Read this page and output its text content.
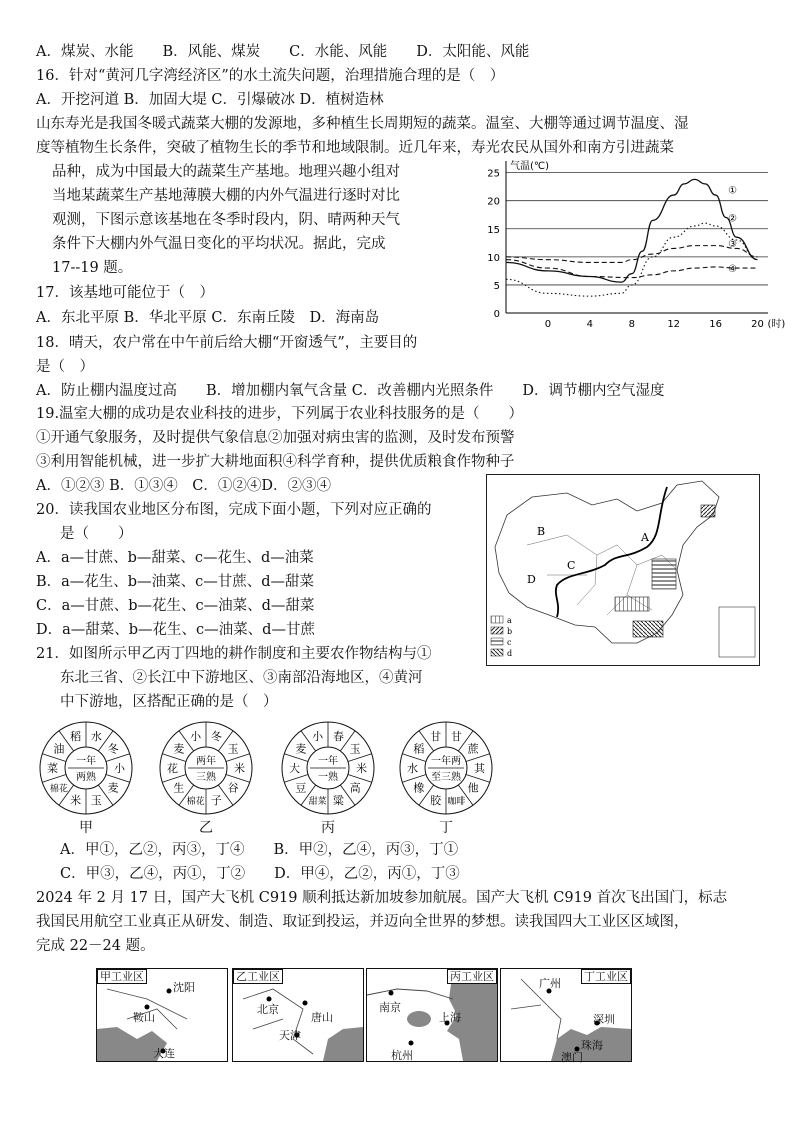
A．煤炭、水能　　B．风能、煤炭　　C．水能、风能　　D．太阳能、风能
16．针对“黄河几字湾经济区”的水土流失问题，治理措施合理的是（　）
A．开挖河道 B．加固大堤 C．引爆破冰 D．植树造林
山东寿光是我国冬暖式蔬菜大棚的发源地，多种植生长周期短的蔬菜。温室、大棚等通过调节温度、湿
度等植物生长条件，突破了植物生长的季节和地域限制。近几年来，寿光农民从国外和南方引进蔬菜
品种，成为中国最大的蔬菜生产基地。地理兴趣小组对
当地某蔬菜生产基地薄膜大棚的内外气温进行逐时对比
观测，下图示意该基地在冬季时段内，阴、晴两种天气
条件下大棚内外气温日变化的平均状况。据此，完成
17--19 题。
0
5
10
15
20
25
0	4	8	12	16	20
气温(℃)
(时)
①
②
③
④
17．该基地可能位于（　）
A．东北平原 B．华北平原 C．东南丘陵　D．海南岛
18．晴天，农户常在中午前后给大棚“开窗透气”，主要目的
是（　）
A．防止棚内温度过高　　B．增加棚内氧气含量 C．改善棚内光照条件　　D．调节棚内空气湿度
19.温室大棚的成功是农业科技的进步，下列属于农业科技服务的是（　　）
①开通气象服务，及时提供气象信息②加强对病虫害的监测，及时发布预警
③利用智能机械，进一步扩大耕地面积④科学育种，提供优质粮食作物种子
A．①②③ B．①③④　C．①②④D．②③④
20．读我国农业地区分布图，完成下面小题，下列对应正确的
是（　　）
A．a—甘蔗、b—甜菜、c—花生、d—油菜
B．a—花生、b—油菜、c—甘蔗、d—甜菜
C．a—甘蔗、b—花生、c—油菜、d—甜菜
D．a—甜菜、b—花生、c—油菜、d—甘蔗
B	A
C
D
a
b
c
d
21．如图所示甲乙丙丁四地的耕作制度和主要农作物结构与①
东北三省、②长江中下游地区、③南部沿海地区，④黄河
中下游地，区搭配正确的是（　）
水
冬
小
麦
玉
米
棉花
菜
油
稻
一年
两熟
甲
冬
玉
米
谷
子
棉花
生
花
麦
小
两年
三熟
乙
春
玉
米
高
粱
甜菜
豆
大
麦
小
一年
一熟
丙
甘
蔗
其
他
咖啡
胶
橡
水
稻
甘
一年两
至三熟
丁
A．甲①，乙②，丙③，丁④　　B．甲②，乙④，丙③，丁①
C．甲③，乙④，丙①，丁②　　D．甲④，乙②，丙①，丁③
2024 年 2 月 17 日，国产大飞机 C919 顺利抵达新加坡参加航展。国产大飞机 C919 首次飞出国门，标志
我国民用航空工业真正从研发、制造、取证到投运，并迈向全世界的梦想。读我国四大工业区区域图，
完成 22－24 题。
甲工业区
沈阳
鞍山
大连
乙工业区
北京
唐山
天津
丙工业区
南京
上海
杭州
丁工业区
广州
深圳
珠海
澳门
